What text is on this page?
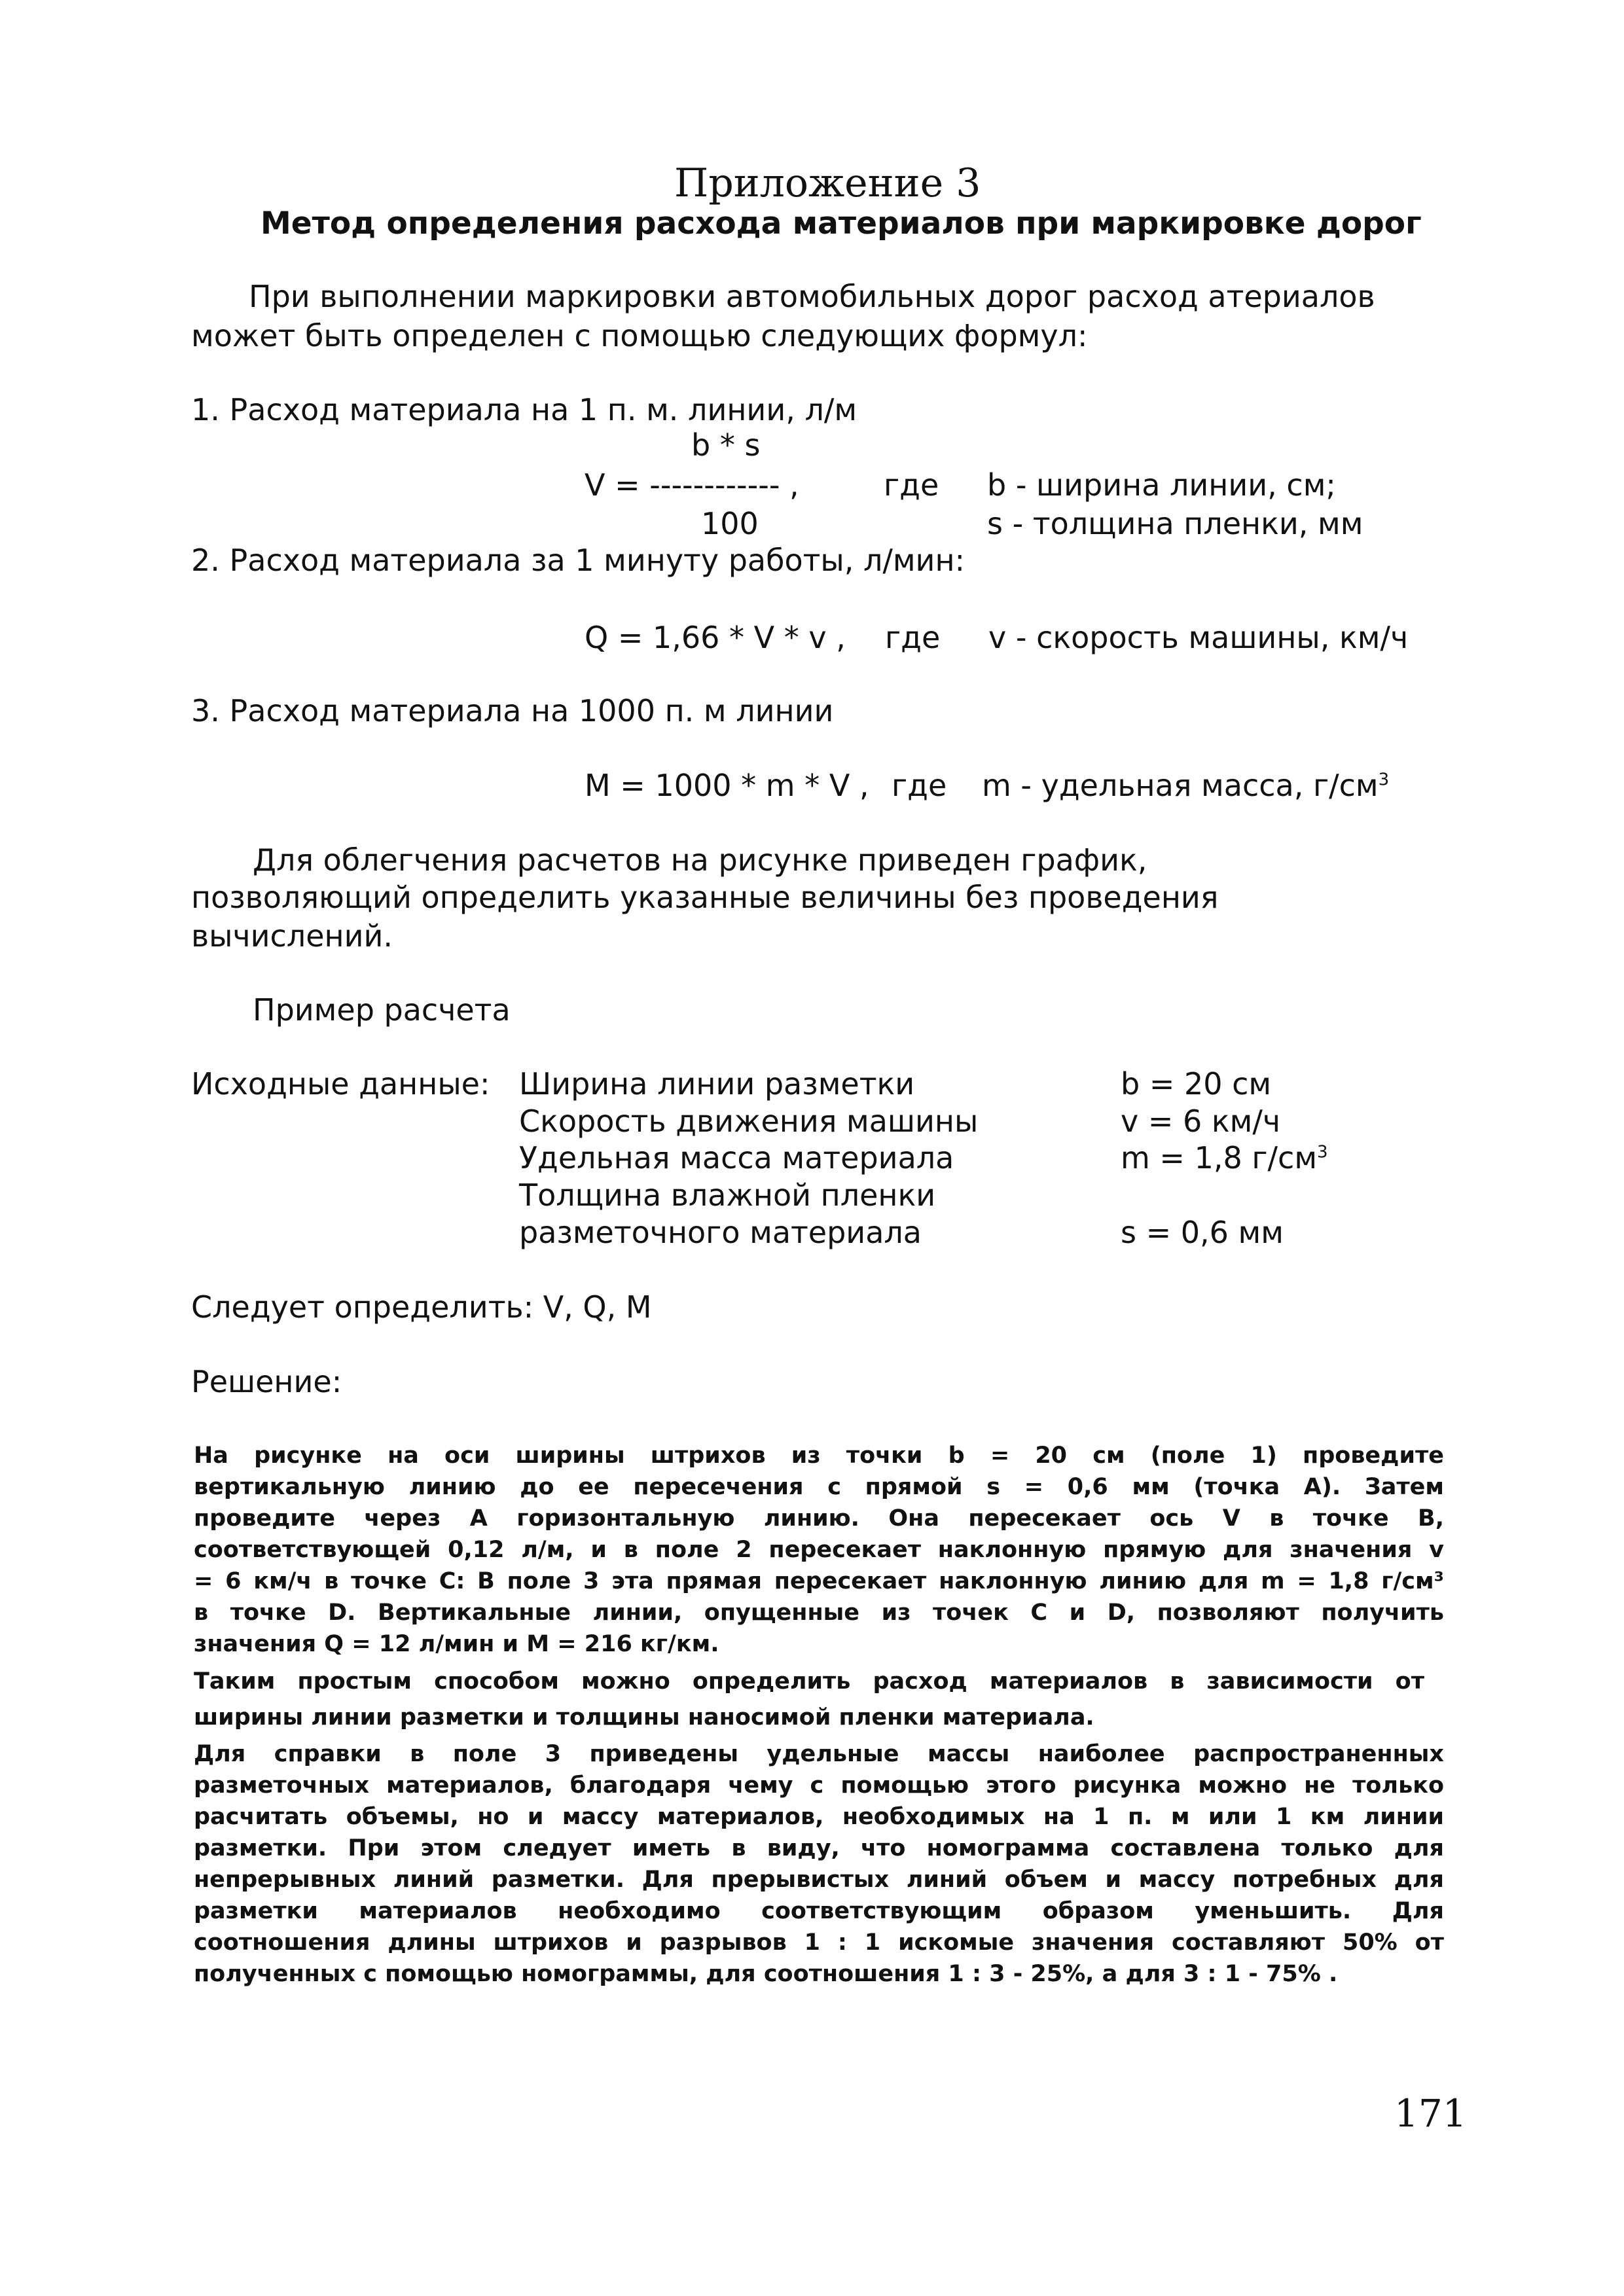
Приложение 3
Метод определения расхода материалов при маркировке дорог
При выполнении маркировки автомобильных дорог расход атериалов
может быть определен с помощью следующих формул:
1. Расход материала на 1 п. м. линии, л/м
b * s
V = ------------ ,	где b - ширина линии, см;
100	s - толщина пленки, мм
2. Расход материала за 1 минуту работы, л/мин:
Q = 1,66 * V * v , где v - скорость машины, км/ч
3. Расход материала на 1000 п. м линии
M = 1000 * m * V , где m - удельная масса, $г/см^3$
Для облегчения расчетов на рисунке приведен график,
позволяющий определить указанные величины без проведения
вычислений.
Пример расчета
Исходные данные: Ширина линии разметки	b = 20 см
Скорость движения машины	v = 6 км/ч
Удельная масса материала	m = 1,8 $г/см^3$
Толщина влажной пленки
разметочного материала	s = 0,6 мм
Следует определить: V, Q, M
Решение:
На рисунке на оси ширины штрихов из точки b = 20 см (поле 1) проведите
вертикальную линию до ее пересечения с прямой s = 0,6 мм (точка А). Затем
проведите через А горизонтальную линию. Она пересекает ось V в точке В,
соответствующей 0,12 л/м, и в поле 2 пересекает наклонную прямую для значения v
= 6 км/ч в точке С: В поле 3 эта прямая пересекает наклонную линию для m = 1,8 г/см³
в точке D. Вертикальные линии, опущенные из точек С и D, позволяют получить
значения Q = 12 л/мин и M = 216 кг/км.
Таким простым способом можно определить расход материалов в зависимости от
ширины линии разметки и толщины наносимой пленки материала.
Для справки в поле 3 приведены удельные массы наиболее распространенных
разметочных материалов, благодаря чему с помощью этого рисунка можно не только
расчитать объемы, но и массу материалов, необходимых на 1 п. м или 1 км линии
разметки. При этом следует иметь в виду, что номограмма составлена только для
непрерывных линий разметки. Для прерывистых линий объем и массу потребных для
разметки материалов необходимо соответствующим образом уменьшить. Для
соотношения длины штрихов и разрывов 1 : 1 искомые значения составляют 50% от
полученных с помощью номограммы, для соотношения 1 : 3 - 25%, а для 3 : 1 - 75% .
171
